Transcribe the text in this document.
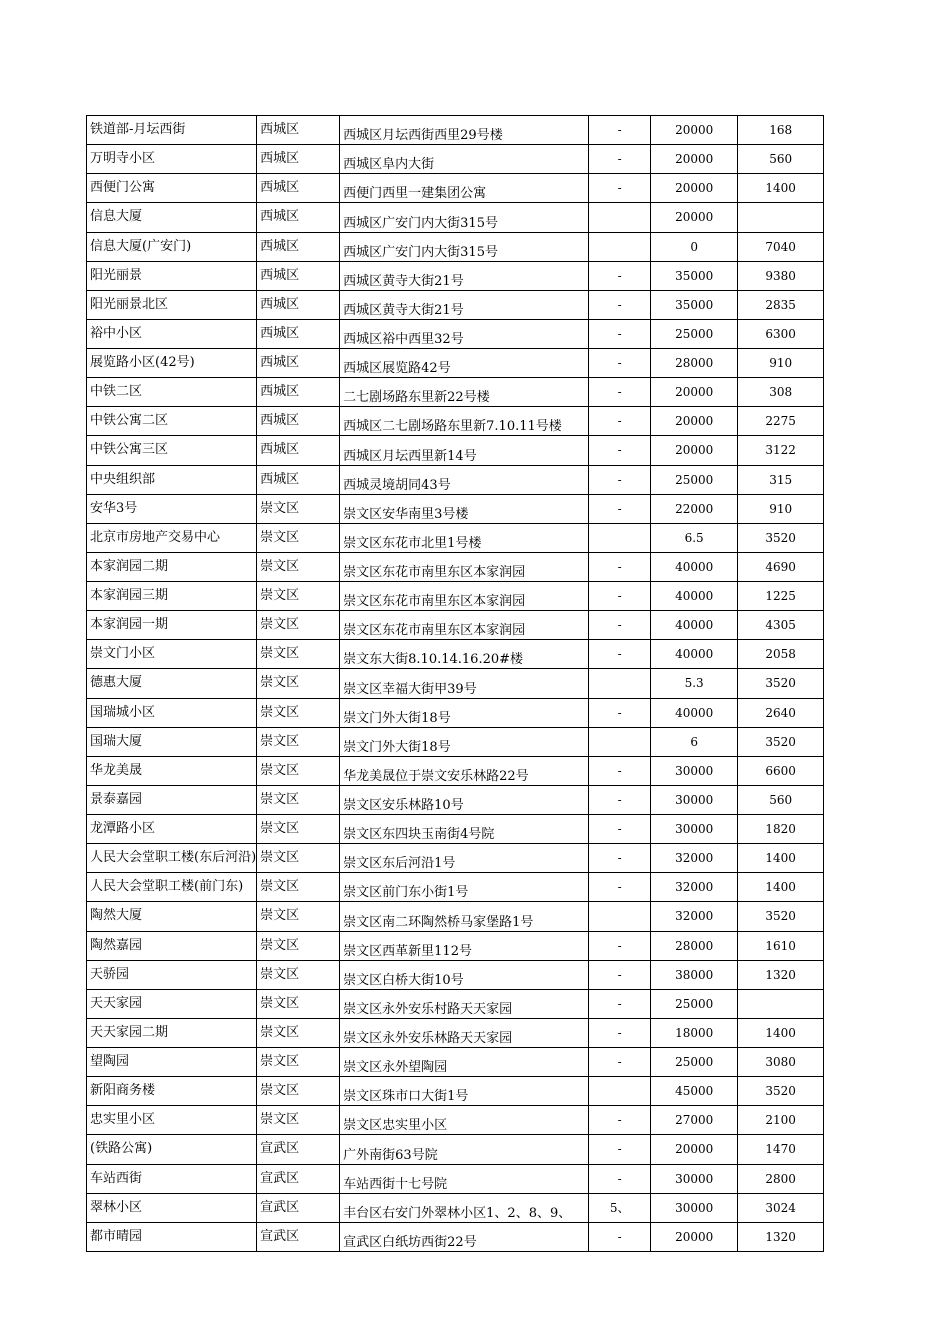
铁道部-月坛西街	西城区	西城区月坛西街西里29号楼	-	20000	168
万明寺小区	西城区	西城区阜内大街	-	20000	560
西便门公寓	西城区	西便门西里一建集团公寓	-	20000	1400
信息大厦	西城区	西城区广安门内大街315号		20000	
信息大厦(广安门)	西城区	西城区广安门内大街315号		0	7040
阳光丽景	西城区	西城区黄寺大街21号	-	35000	9380
阳光丽景北区	西城区	西城区黄寺大街21号	-	35000	2835
裕中小区	西城区	西城区裕中西里32号	-	25000	6300
展览路小区(42号)	西城区	西城区展览路42号	-	28000	910
中铁二区	西城区	二七剧场路东里新22号楼	-	20000	308
中铁公寓二区	西城区	西城区二七剧场路东里新7.10.11号楼	-	20000	2275
中铁公寓三区	西城区	西城区月坛西里新14号	-	20000	3122
中央组织部	西城区	西城灵境胡同43号	-	25000	315
安华3号	崇文区	崇文区安华南里3号楼	-	22000	910
北京市房地产交易中心	崇文区	崇文区东花市北里1号楼		6.5	3520
本家润园二期	崇文区	崇文区东花市南里东区本家润园	-	40000	4690
本家润园三期	崇文区	崇文区东花市南里东区本家润园	-	40000	1225
本家润园一期	崇文区	崇文区东花市南里东区本家润园	-	40000	4305
崇文门小区	崇文区	崇文东大街8.10.14.16.20#楼	-	40000	2058
德惠大厦	崇文区	崇文区幸福大街甲39号		5.3	3520
国瑞城小区	崇文区	崇文门外大街18号	-	40000	2640
国瑞大厦	崇文区	崇文门外大街18号		6	3520
华龙美晟	崇文区	华龙美晟位于崇文安乐林路22号	-	30000	6600
景泰嘉园	崇文区	崇文区安乐林路10号	-	30000	560
龙潭路小区	崇文区	崇文区东四块玉南街4号院	-	30000	1820
人民大会堂职工楼(东后河沿)	崇文区	崇文区东后河沿1号	-	32000	1400
人民大会堂职工楼(前门东)	崇文区	崇文区前门东小街1号	-	32000	1400
陶然大厦	崇文区	崇文区南二环陶然桥马家堡路1号		32000	3520
陶然嘉园	崇文区	崇文区西革新里112号	-	28000	1610
天骄园	崇文区	崇文区白桥大街10号	-	38000	1320
天天家园	崇文区	崇文区永外安乐村路天天家园	-	25000	
天天家园二期	崇文区	崇文区永外安乐林路天天家园	-	18000	1400
望陶园	崇文区	崇文区永外望陶园	-	25000	3080
新阳商务楼	崇文区	崇文区珠市口大街1号		45000	3520
忠实里小区	崇文区	崇文区忠实里小区	-	27000	2100
(铁路公寓)	宣武区	广外南街63号院	-	20000	1470
车站西街	宣武区	车站西街十七号院	-	30000	2800
翠林小区	宣武区	丰台区右安门外翠林小区1、2、8、9、	5、	30000	3024
都市晴园	宣武区	宣武区白纸坊西街22号	-	20000	1320
